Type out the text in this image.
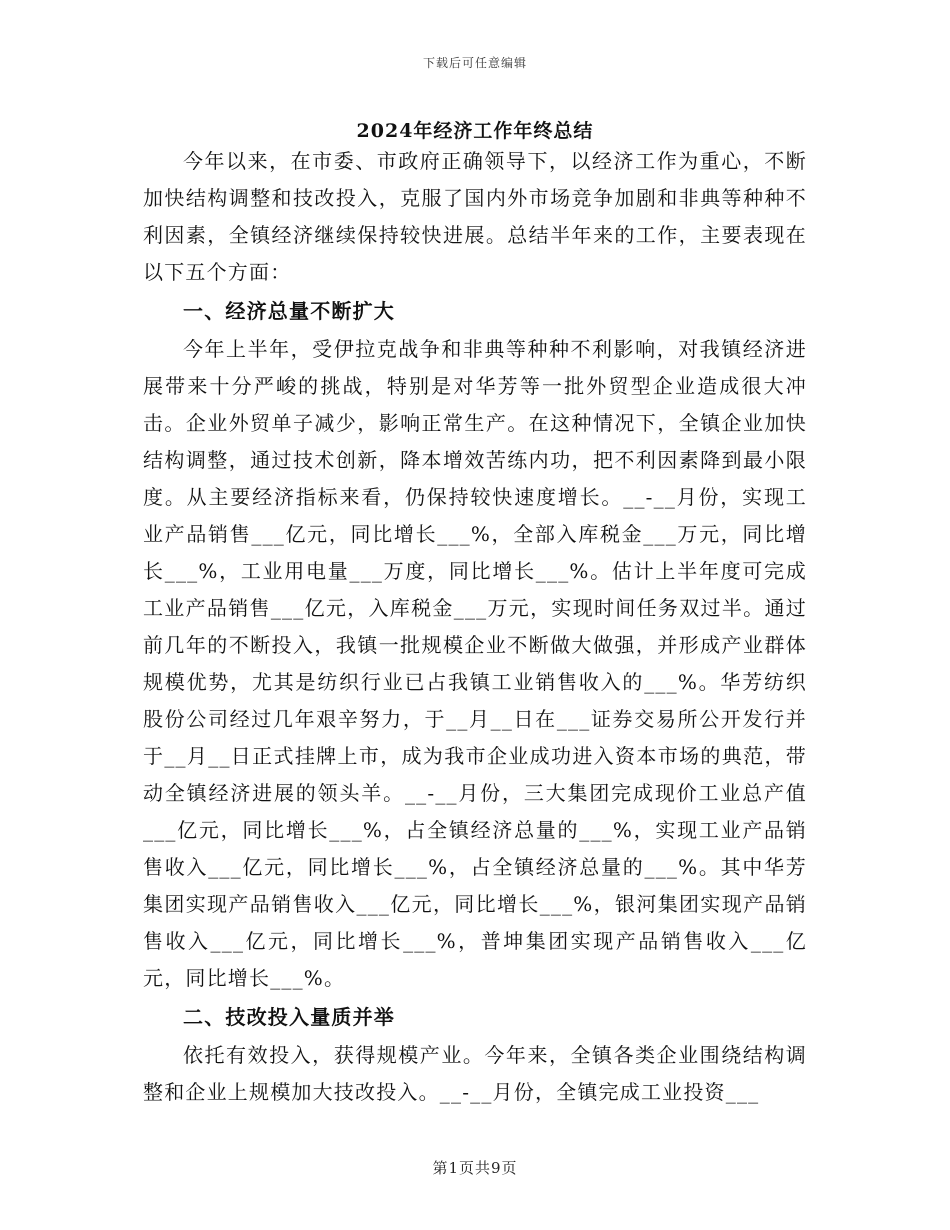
下载后可任意编辑
2024年经济工作年终总结

今年以来，在市委、市政府正确领导下，以经济工作为重心，不断加快结构调整和技改投入，克服了国内外市场竞争加剧和非典等种种不利因素，全镇经济继续保持较快进展。总结半年来的工作，主要表现在以下五个方面：

一、经济总量不断扩大

今年上半年，受伊拉克战争和非典等种种不利影响，对我镇经济进展带来十分严峻的挑战，特别是对华芳等一批外贸型企业造成很大冲击。企业外贸单子减少，影响正常生产。在这种情况下，全镇企业加快结构调整，通过技术创新，降本增效苦练内功，把不利因素降到最小限度。从主要经济指标来看，仍保持较快速度增长。__-__月份，实现工业产品销售___亿元，同比增长___%，全部入库税金___万元，同比增长___%，工业用电量___万度，同比增长___%。估计上半年度可完成工业产品销售___亿元，入库税金___万元，实现时间任务双过半。通过前几年的不断投入，我镇一批规模企业不断做大做强，并形成产业群体规模优势，尤其是纺织行业已占我镇工业销售收入的___%。华芳纺织股份公司经过几年艰辛努力，于__月__日在___证券交易所公开发行并于__月__日正式挂牌上市，成为我市企业成功进入资本市场的典范，带动全镇经济进展的领头羊。__-__月份，三大集团完成现价工业总产值___亿元，同比增长___%，占全镇经济总量的___%，实现工业产品销售收入___亿元，同比增长___%，占全镇经济总量的___%。其中华芳集团实现产品销售收入___亿元，同比增长___%，银河集团实现产品销售收入___亿元，同比增长___%，普坤集团实现产品销售收入___亿元，同比增长___%。

二、技改投入量质并举

依托有效投入，获得规模产业。今年来，全镇各类企业围绕结构调整和企业上规模加大技改投入。__-__月份，全镇完成工业投资___

第1页共9页
